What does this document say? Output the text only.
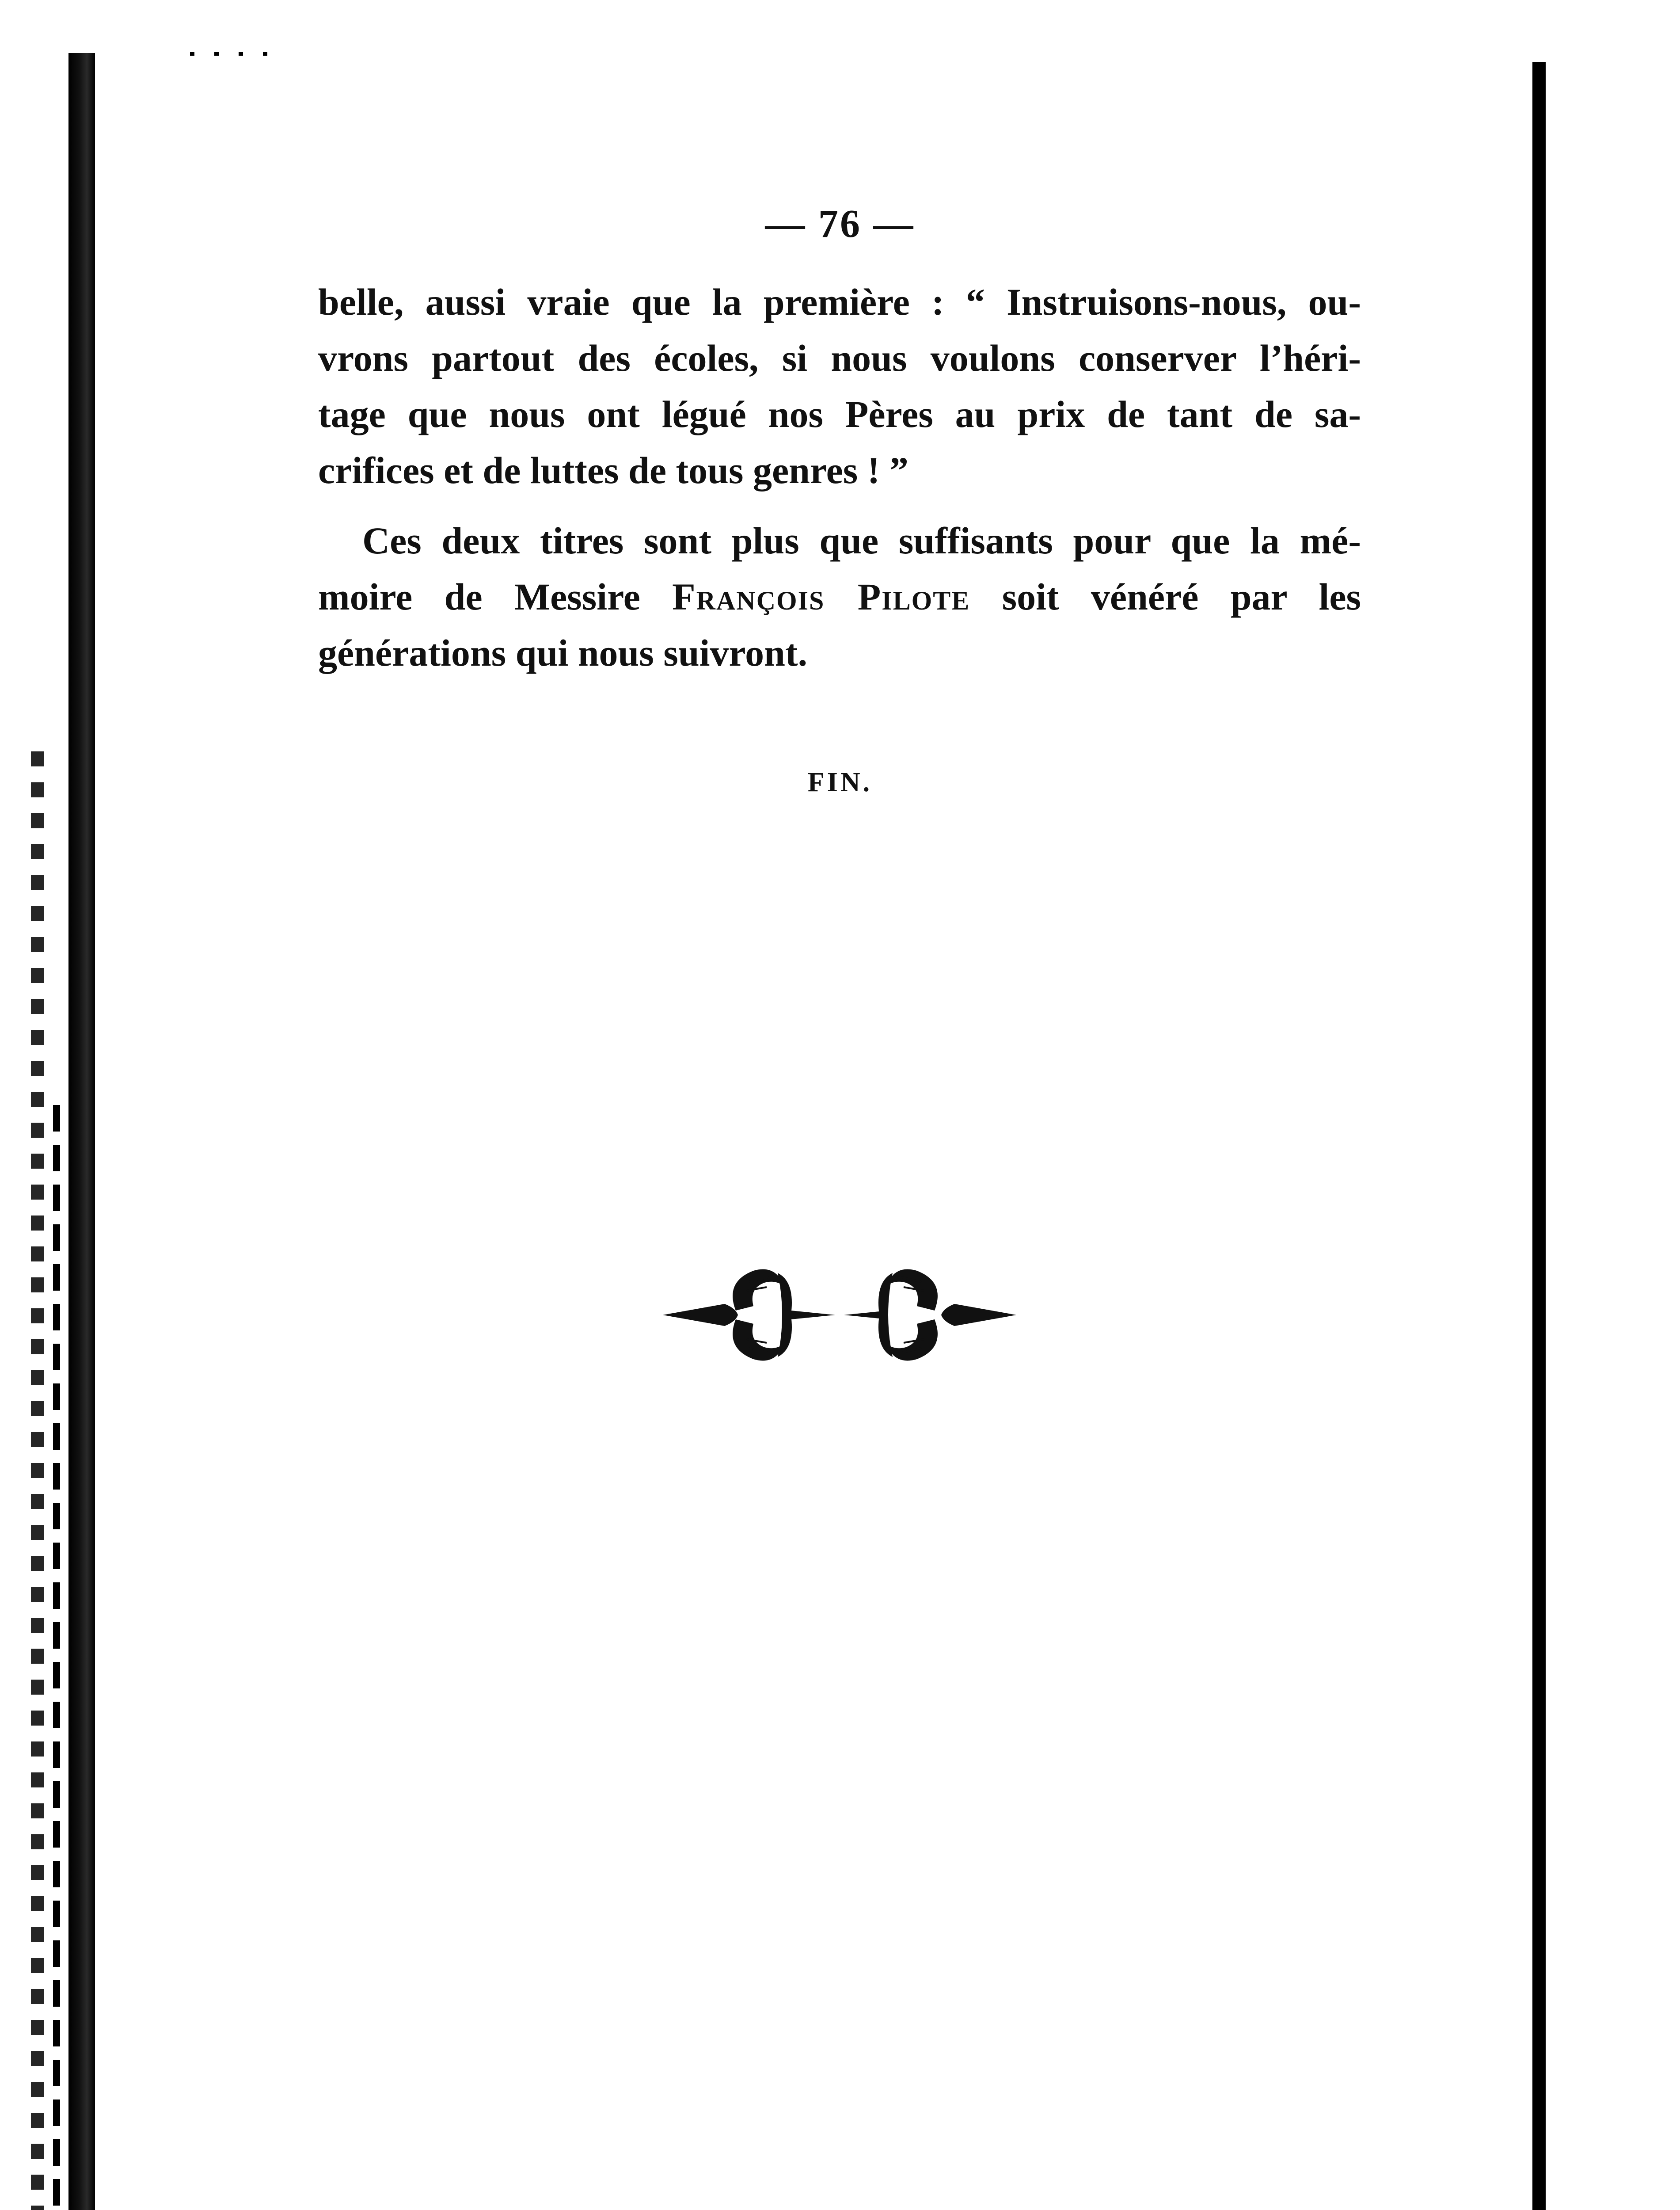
— 76 —
belle, aussi vraie que la première : “ Instruisons-nous, ou-
vrons partout des écoles, si nous voulons conserver l’héri-
tage que nous ont légué nos Pères au prix de tant de sa-
crifices et de luttes de tous genres ! ”
Ces deux titres sont plus que suffisants pour que la mé-
moire de Messire François Pilote soit vénéré par les
générations qui nous suivront.
FIN.
